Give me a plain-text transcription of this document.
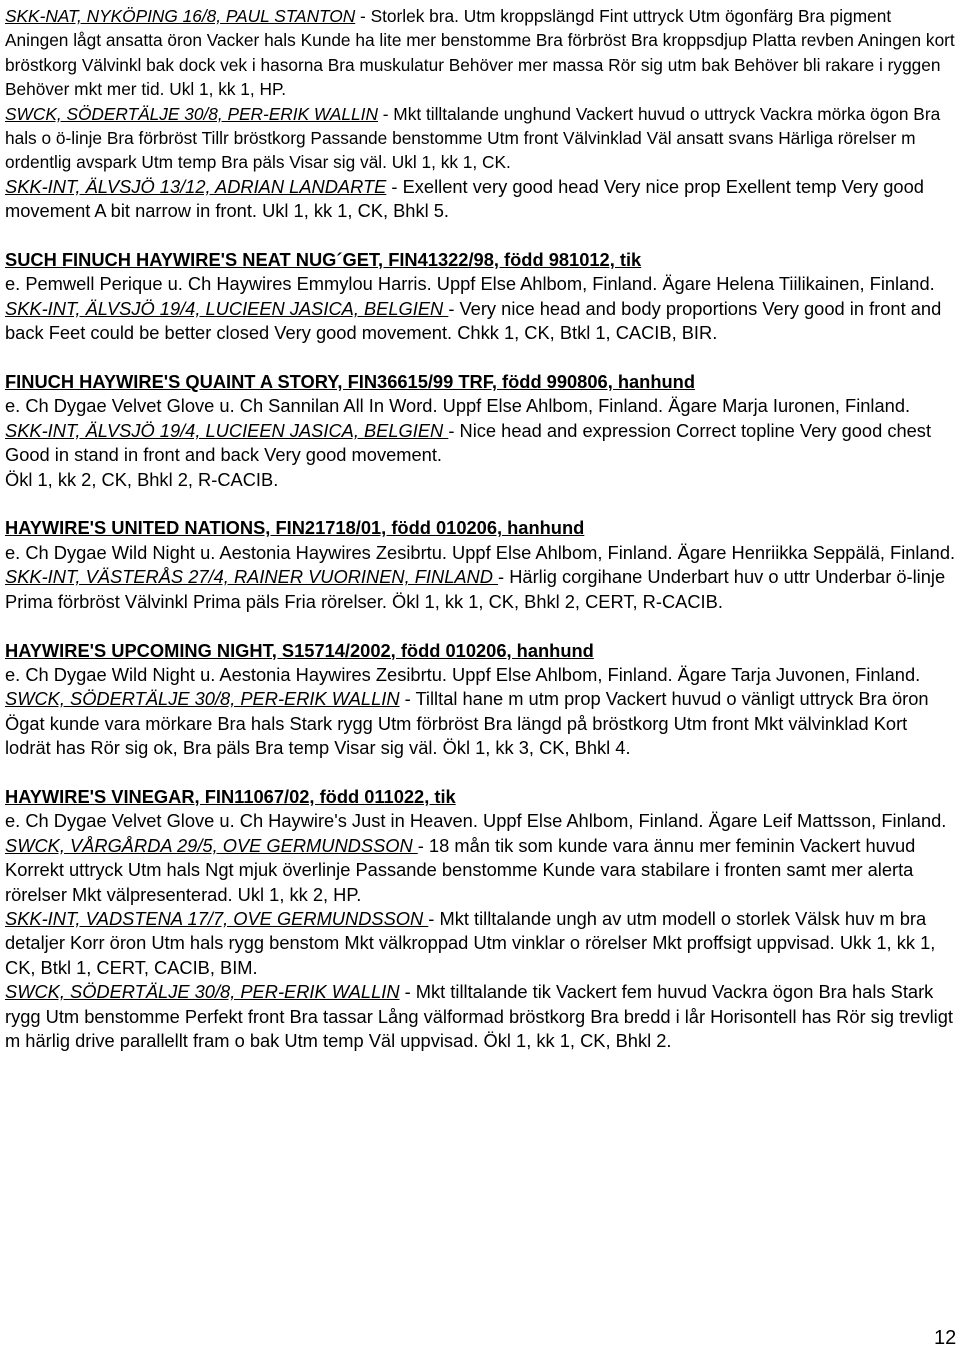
SKK-NAT, NYKÖPING 16/8, PAUL STANTON - Storlek bra. Utm kroppslängd Fint uttryck Utm ögonfärg Bra pigment Aningen lågt ansatta öron Vacker hals Kunde ha lite mer benstomme Bra förbröst Bra kroppsdjup Platta revben Aningen kort bröstkorg Välvinkl bak dock vek i hasorna Bra muskulatur Behöver mer massa Rör sig utm bak Behöver bli rakare i ryggen Behöver mkt mer tid. Ukl 1, kk 1, HP.

SWCK, SÖDERTÄLJE 30/8, PER-ERIK WALLIN - Mkt tilltalande unghund Vackert huvud o uttryck Vackra mörka ögon Bra hals o ö-linje Bra förbröst Tillr bröstkorg Passande benstomme Utm front Välvinklad Väl ansatt svans Härliga rörelser m ordentlig avspark Utm temp Bra päls Visar sig väl. Ukl 1, kk 1, CK.

SKK-INT, ÄLVSJÖ 13/12, ADRIAN LANDARTE - Exellent very good head Very nice prop Exellent temp Very good movement A bit narrow in front. Ukl 1, kk 1, CK, Bhkl 5.

SUCH FINUCH HAYWIRE'S NEAT NUG´GET, FIN41322/98, född 981012, tik

e. Pemwell Perique u. Ch Haywires Emmylou Harris. Uppf Else Ahlbom, Finland. Ägare Helena Tiilikainen, Finland.

SKK-INT, ÄLVSJÖ 19/4, LUCIEEN JASICA, BELGIEN - Very nice head and body proportions Very good in front and back Feet could be better closed Very good movement. Chkk 1, CK, Btkl 1, CACIB, BIR.

FINUCH HAYWIRE'S QUAINT A STORY, FIN36615/99 TRF, född 990806, hanhund

e. Ch Dygae Velvet Glove u. Ch Sannilan All In Word. Uppf Else Ahlbom, Finland. Ägare Marja Iuronen, Finland.

SKK-INT, ÄLVSJÖ 19/4, LUCIEEN JASICA, BELGIEN - Nice head and expression Correct topline Very good chest Good in stand in front and back Very good movement.

Ökl 1, kk 2, CK, Bhkl 2, R-CACIB.

HAYWIRE'S UNITED NATIONS, FIN21718/01, född 010206, hanhund

e. Ch Dygae Wild Night u. Aestonia Haywires Zesibrtu. Uppf Else Ahlbom, Finland. Ägare Henriikka Seppälä, Finland.

SKK-INT, VÄSTERÅS 27/4, RAINER VUORINEN, FINLAND - Härlig corgihane Underbart huv o uttr Underbar ö-linje Prima förbröst Välvinkl Prima päls Fria rörelser. Ökl 1, kk 1, CK, Bhkl 2, CERT, R-CACIB.

HAYWIRE'S UPCOMING NIGHT, S15714/2002, född 010206, hanhund

e. Ch Dygae Wild Night u. Aestonia Haywires Zesibrtu. Uppf Else Ahlbom, Finland. Ägare Tarja Juvonen, Finland.

SWCK, SÖDERTÄLJE 30/8, PER-ERIK WALLIN - Tilltal hane m utm prop Vackert huvud o vänligt uttryck Bra öron Ögat kunde vara mörkare Bra hals Stark rygg Utm förbröst Bra längd på bröstkorg Utm front Mkt välvinklad Kort lodrät has Rör sig ok, Bra päls Bra temp Visar sig väl. Ökl 1, kk 3, CK, Bhkl 4.

HAYWIRE'S VINEGAR, FIN11067/02, född 011022, tik

e. Ch Dygae Velvet Glove u. Ch Haywire's Just in Heaven. Uppf Else Ahlbom, Finland. Ägare Leif Mattsson, Finland.

SWCK, VÅRGÅRDA 29/5, OVE GERMUNDSSON - 18 mån tik som kunde vara ännu mer feminin Vackert huvud Korrekt uttryck Utm hals Ngt mjuk överlinje Passande benstomme Kunde vara stabilare i fronten samt mer alerta rörelser Mkt välpresenterad. Ukl 1, kk 2, HP.

SKK-INT, VADSTENA 17/7, OVE GERMUNDSSON - Mkt tilltalande ungh av utm modell o storlek Välsk huv m bra detaljer Korr öron Utm hals rygg benstom Mkt välkroppad Utm vinklar o rörelser Mkt proffsigt uppvisad. Ukk 1, kk 1, CK, Btkl 1, CERT, CACIB, BIM.

SWCK, SÖDERTÄLJE 30/8, PER-ERIK WALLIN - Mkt tilltalande tik Vackert fem huvud Vackra ögon Bra hals Stark rygg Utm benstomme Perfekt front Bra tassar Lång välformad bröstkorg Bra bredd i lår Horisontell has Rör sig trevligt m härlig drive parallellt fram o bak Utm temp Väl uppvisad. Ökl 1, kk 1, CK, Bhkl 2.

12
